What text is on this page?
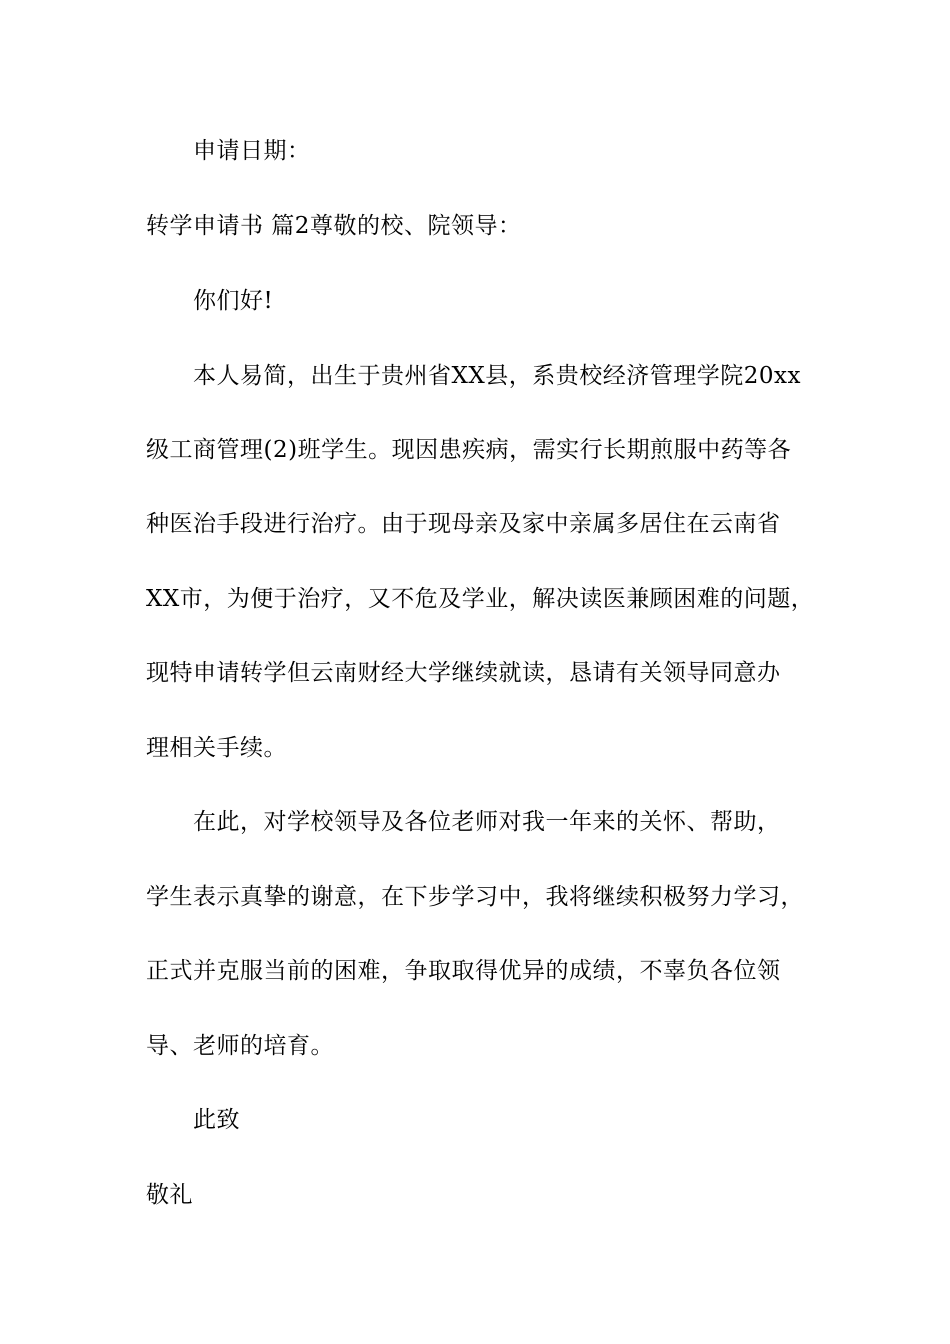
申请日期：
转学申请书 篇2尊敬的校、院领导：
你们好!
本人易简，出生于贵州省XX县，系贵校经济管理学院20xx
级工商管理(2)班学生。现因患疾病，需实行长期煎服中药等各
种医治手段进行治疗。由于现母亲及家中亲属多居住在云南省
XX市，为便于治疗，又不危及学业，解决读医兼顾困难的问题，
现特申请转学但云南财经大学继续就读，恳请有关领导同意办
理相关手续。
在此，对学校领导及各位老师对我一年来的关怀、帮助，
学生表示真挚的谢意，在下步学习中，我将继续积极努力学习，
正式并克服当前的困难，争取取得优异的成绩，不辜负各位领
导、老师的培育。
此致
敬礼
